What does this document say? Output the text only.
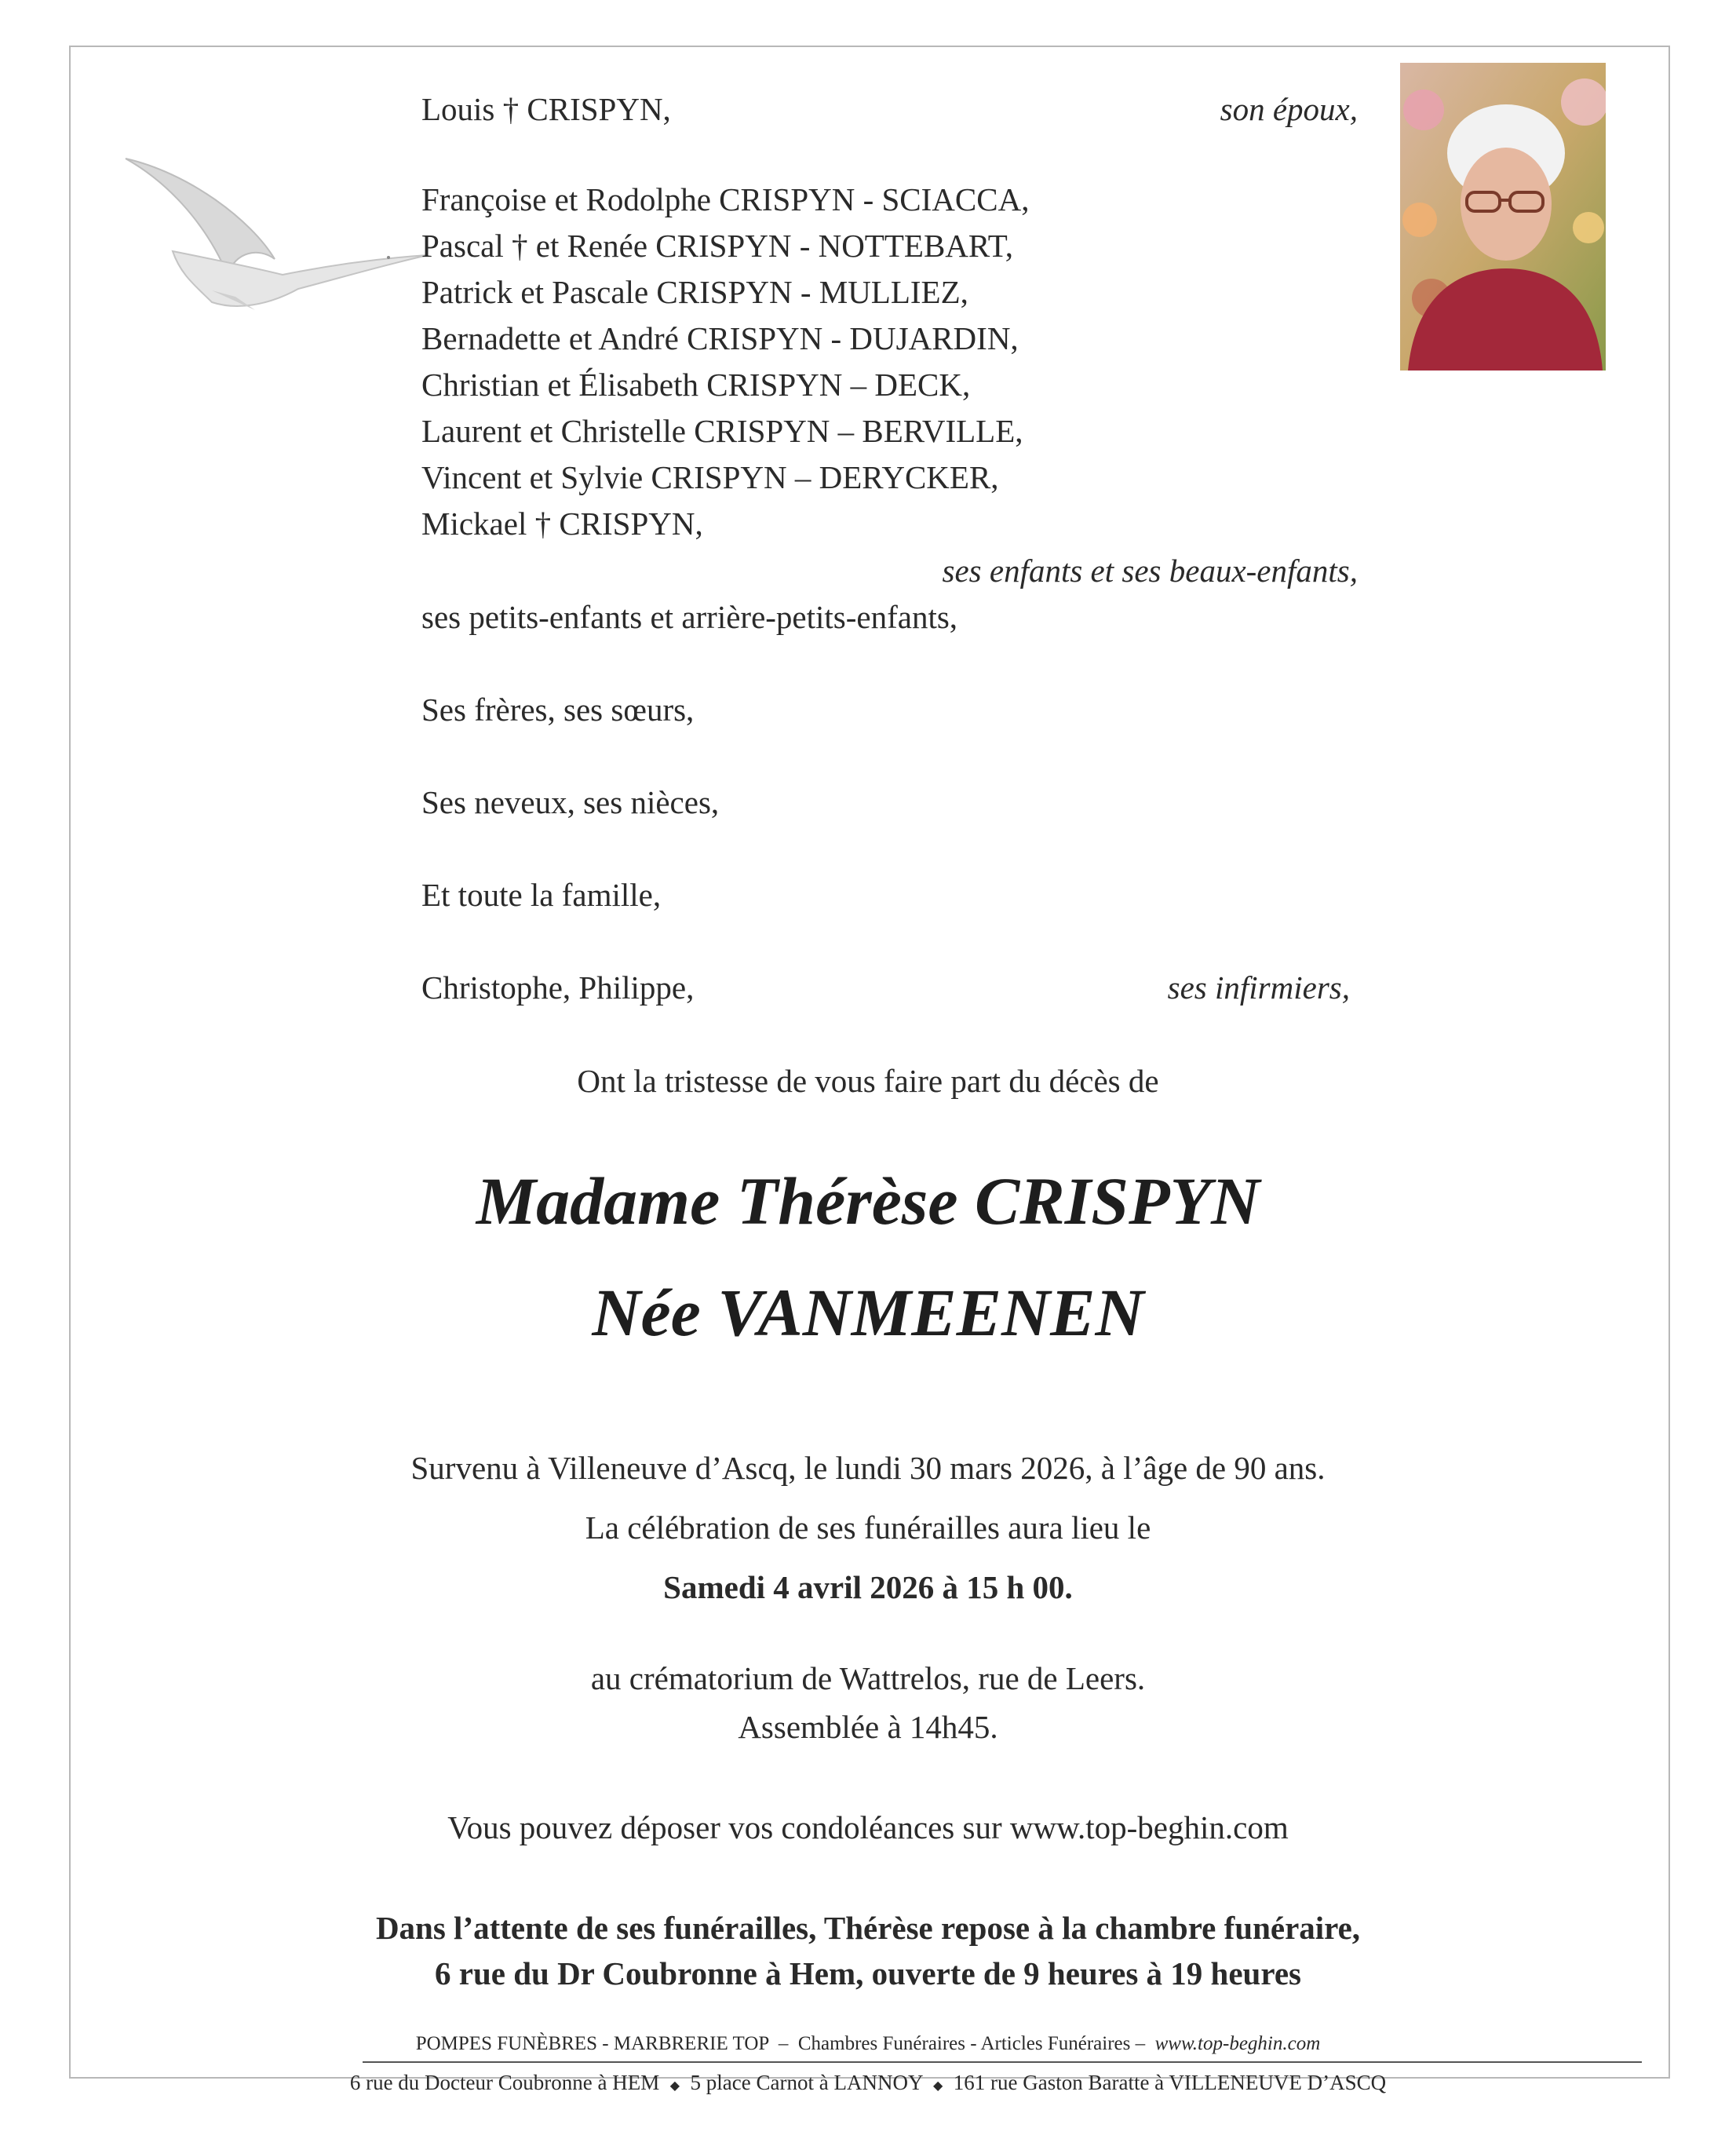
Louis † CRISPYN,	son époux,
Françoise et Rodolphe CRISPYN - SCIACCA,
Pascal † et Renée CRISPYN - NOTTEBART,
Patrick et Pascale CRISPYN - MULLIEZ,
Bernadette et André CRISPYN - DUJARDIN,
Christian et Élisabeth CRISPYN – DECK,
Laurent et Christelle CRISPYN – BERVILLE,
Vincent et Sylvie CRISPYN – DERYCKER,
Mickael † CRISPYN,
ses enfants et ses beaux-enfants,
ses petits-enfants et arrière-petits-enfants,
Ses frères, ses sœurs,
Ses neveux, ses nièces,
Et toute la famille,
Christophe, Philippe,	ses infirmiers,
Ont la tristesse de vous faire part du décès de
Madame Thérèse CRISPYN
Née VANMEENEN
Survenu à Villeneuve d’Ascq, le lundi 30 mars 2026, à l’âge de 90 ans.
La célébration de ses funérailles aura lieu le
Samedi 4 avril 2026 à 15 h 00.
au crématorium de Wattrelos, rue de Leers.
Assemblée à 14h45.
Vous pouvez déposer vos condoléances sur www.top-beghin.com
Dans l’attente de ses funérailles, Thérèse repose à la chambre funéraire,
6 rue du Dr Coubronne à Hem, ouverte de 9 heures à 19 heures
POMPES FUNÈBRES - MARBRERIE TOP – Chambres Funéraires - Articles Funéraires – www.top-beghin.com
6 rue du Docteur Coubronne à HEM ◆ 5 place Carnot à LANNOY ◆ 161 rue Gaston Baratte à VILLENEUVE D’ASCQ
